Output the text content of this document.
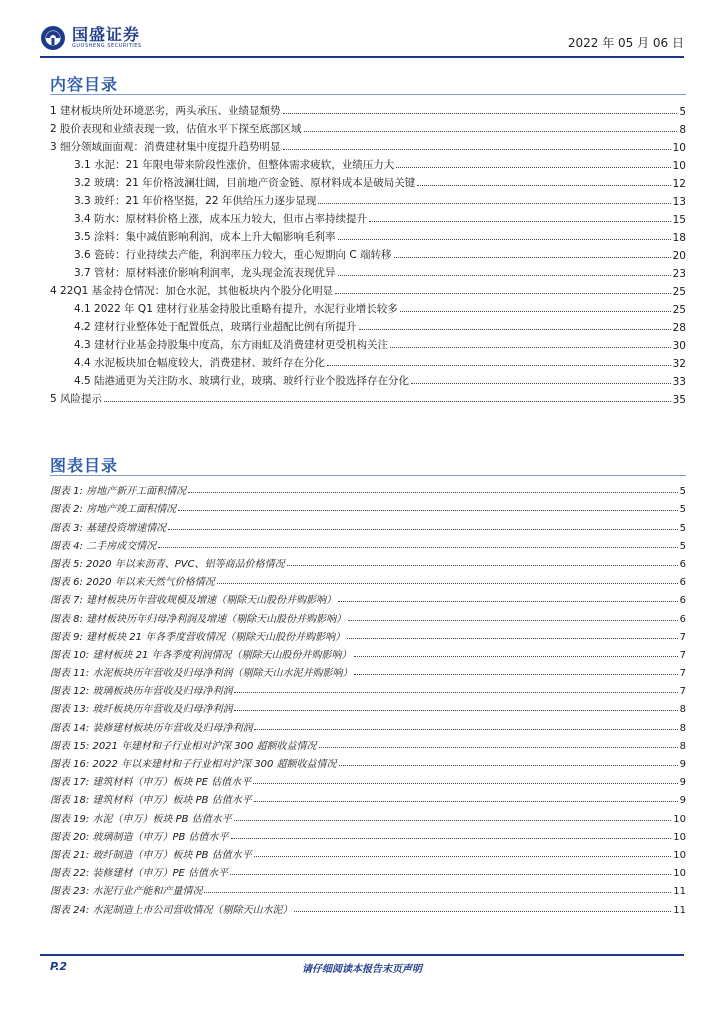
国盛证券
GUOSHENG SECURITIES	2022 年 05 月 06 日
内容目录
1 建材板块所处环境恶劣，两头承压、业绩显颓势	5
2 股价表现和业绩表现一致，估值水平下探至底部区域	8
3 细分领域面面观：消费建材集中度提升趋势明显	10
3.1 水泥：21 年限电带来阶段性涨价，但整体需求疲软，业绩压力大	10
3.2 玻璃：21 年价格波澜壮阔，目前地产资金链、原材料成本是破局关键	12
3.3 玻纤：21 年价格坚挺，22 年供给压力逐步显现	13
3.4 防水：原材料价格上涨，成本压力较大，但市占率持续提升	15
3.5 涂料：集中减值影响利润，成本上升大幅影响毛利率	18
3.6 瓷砖：行业持续去产能，利润率压力较大，重心短期向 C 端转移	20
3.7 管材：原材料涨价影响利润率，龙头现金流表现优异	23
4 22Q1 基金持仓情况：加仓水泥，其他板块内个股分化明显	25
4.1 2022 年 Q1 建材行业基金持股比重略有提升，水泥行业增长较多	25
4.2 建材行业整体处于配置低点，玻璃行业超配比例有所提升	28
4.3 建材行业基金持股集中度高，东方雨虹及消费建材更受机构关注	30
4.4 水泥板块加仓幅度较大，消费建材、玻纤存在分化	32
4.5 陆港通更为关注防水、玻璃行业，玻璃、玻纤行业个股选择存在分化	33
5 风险提示	35
图表目录
图表 1: 房地产新开工面积情况	5
图表 2: 房地产竣工面积情况	5
图表 3: 基建投资增速情况	5
图表 4: 二手房成交情况	5
图表 5: 2020 年以来沥青、PVC、铝等商品价格情况	6
图表 6: 2020 年以来天然气价格情况	6
图表 7: 建材板块历年营收规模及增速（剔除天山股份并购影响）	6
图表 8: 建材板块历年归母净利润及增速（剔除天山股份并购影响）	6
图表 9: 建材板块 21 年各季度营收情况（剔除天山股份并购影响）	7
图表 10: 建材板块 21 年各季度利润情况（剔除天山股份并购影响）	7
图表 11: 水泥板块历年营收及归母净利润（剔除天山水泥并购影响）	7
图表 12: 玻璃板块历年营收及归母净利润	7
图表 13: 玻纤板块历年营收及归母净利润	8
图表 14: 装修建材板块历年营收及归母净利润	8
图表 15: 2021 年建材和子行业相对沪深 300 超额收益情况	8
图表 16: 2022 年以来建材和子行业相对沪深 300 超额收益情况	9
图表 17: 建筑材料（申万）板块 PE 估值水平	9
图表 18: 建筑材料（申万）板块 PB 估值水平	9
图表 19: 水泥（申万）板块 PB 估值水平	10
图表 20: 玻璃制造（申万）PB 估值水平	10
图表 21: 玻纤制造（申万）板块 PB 估值水平	10
图表 22: 装修建材（申万）PE 估值水平	10
图表 23: 水泥行业产能和产量情况	11
图表 24: 水泥制造上市公司营收情况（剔除天山水泥）	11
P.2	请仔细阅读本报告末页声明
